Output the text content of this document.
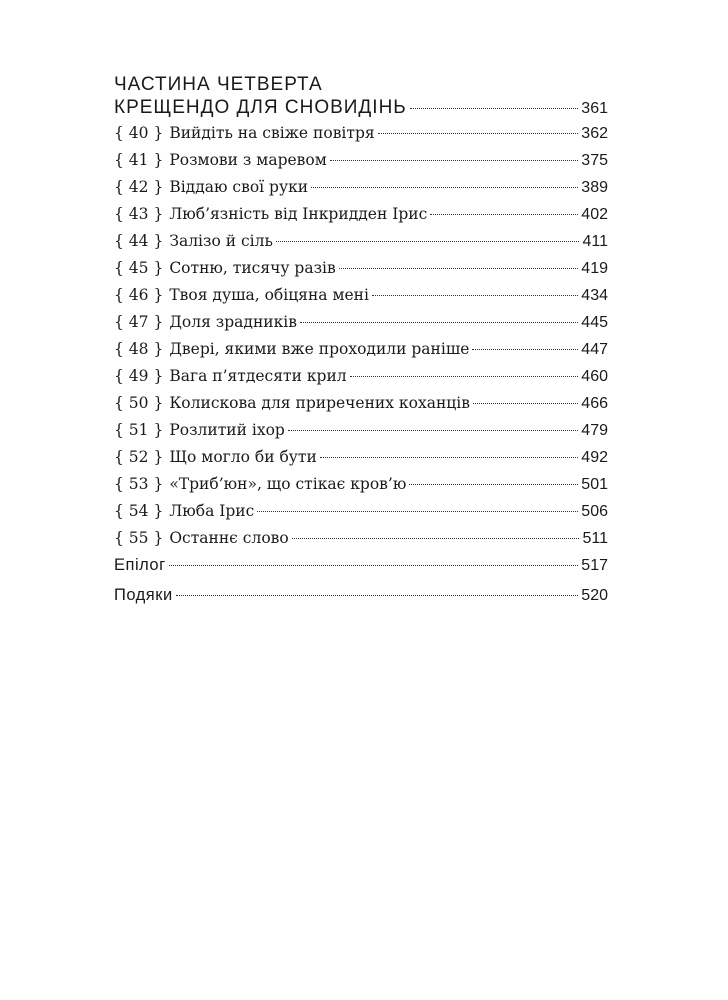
ЧАСТИНА ЧЕТВЕРТА
КРЕЩЕНДО ДЛЯ СНОВИДІНЬ	361
{ 40 } Вийдіть на свіже повітря	362
{ 41 } Розмови з маревом	375
{ 42 } Віддаю свої руки	389
{ 43 } Люб’язність від Інкридден Ірис	402
{ 44 } Залізо й сіль	411
{ 45 } Сотню, тисячу разів	419
{ 46 } Твоя душа, обіцяна мені	434
{ 47 } Доля зрадників	445
{ 48 } Двері, якими вже проходили раніше	447
{ 49 } Вага п’ятдесяти крил	460
{ 50 } Колискова для приречених коханців	466
{ 51 } Розлитий іхор	479
{ 52 } Що могло би бути	492
{ 53 } «Триб’юн», що стікає кров’ю	501
{ 54 } Люба Ірис	506
{ 55 } Останнє слово	511
Епілог	517
Подяки	520
